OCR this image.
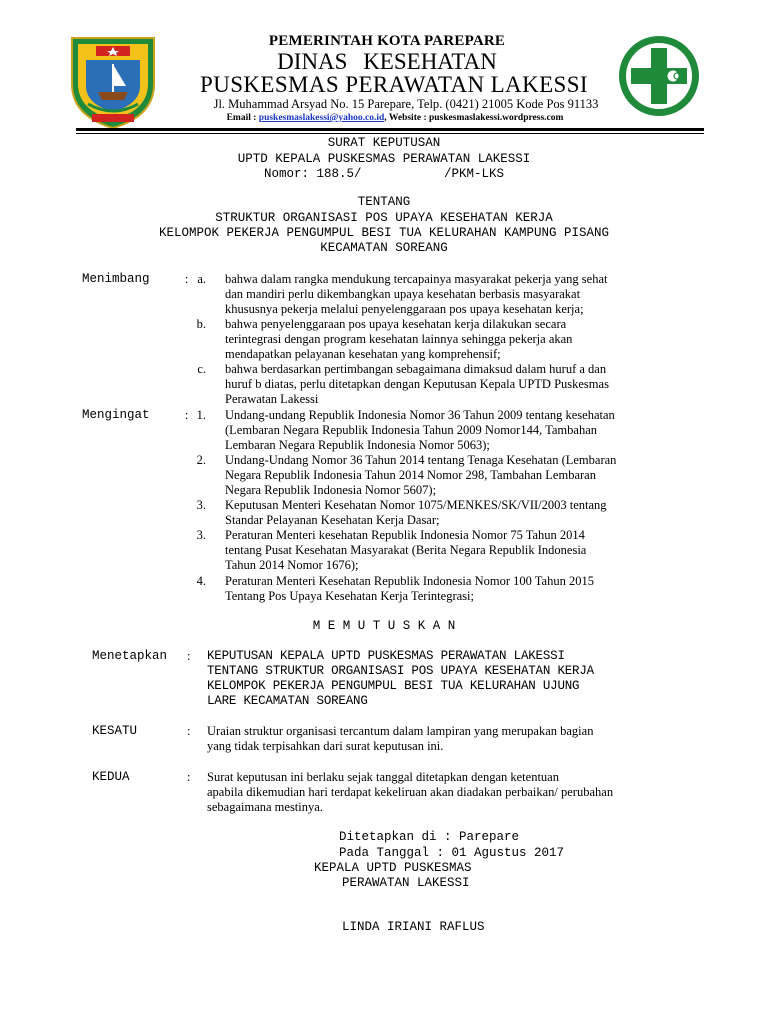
PEMERINTAH KOTA PAREPARE
DINAS KESEHATAN
PUSKESMAS PERAWATAN LAKESSI
Jl. Muhammad Arsyad No. 15 Parepare, Telp. (0421) 21005 Kode Pos 91133
Email : puskesmaslakessi@yahoo.co.id, Website : puskesmaslakessi.wordpress.com
SURAT KEPUTUSAN
UPTD KEPALA PUSKESMAS PERAWATAN LAKESSI
Nomor: 188.5/           /PKM-LKS
TENTANG
STRUKTUR ORGANISASI POS UPAYA KESEHATAN KERJA
KELOMPOK PEKERJA PENGUMPUL BESI TUA KELURAHAN KAMPUNG PISANG
KECAMATAN SOREANG
Menimbang	: a. bahwa dalam rangka mendukung tercapainya masyarakat pekerja yang sehat
dan mandiri perlu dikembangkan upaya kesehatan berbasis masyarakat
khususnya pekerja melalui penyelenggaraan pos upaya kesehatan kerja;
b. bahwa penyelenggaraan pos upaya kesehatan kerja dilakukan secara
terintegrasi dengan program kesehatan lainnya sehingga pekerja akan
mendapatkan pelayanan kesehatan yang komprehensif;
c. bahwa berdasarkan pertimbangan sebagaimana dimaksud dalam huruf a dan
huruf b diatas, perlu ditetapkan dengan Keputusan Kepala UPTD Puskesmas
Perawatan Lakessi
Mengingat	: 1. Undang-undang Republik Indonesia Nomor 36 Tahun 2009 tentang kesehatan
(Lembaran Negara Republik Indonesia Tahun 2009 Nomor144, Tambahan
Lembaran Negara Republik Indonesia Nomor 5063);
2. Undang-Undang Nomor 36 Tahun 2014 tentang Tenaga Kesehatan (Lembaran
Negara Republik Indonesia Tahun 2014 Nomor 298, Tambahan Lembaran
Negara Republik Indonesia Nomor 5607);
3. Keputusan Menteri Kesehatan Nomor 1075/MENKES/SK/VII/2003 tentang
Standar Pelayanan Kesehatan Kerja Dasar;
3. Peraturan Menteri kesehatan Republik Indonesia Nomor 75 Tahun 2014
tentang Pusat Kesehatan Masyarakat (Berita Negara Republik Indonesia
Tahun 2014 Nomor 1676);
4. Peraturan Menteri Kesehatan Republik Indonesia Nomor 100 Tahun 2015
Tentang Pos Upaya Kesehatan Kerja Terintegrasi;
M E M U T U S K A N
Menetapkan : KEPUTUSAN KEPALA UPTD PUSKESMAS PERAWATAN LAKESSI
TENTANG STRUKTUR ORGANISASI POS UPAYA KESEHATAN KERJA
KELOMPOK PEKERJA PENGUMPUL BESI TUA KELURAHAN UJUNG
LARE KECAMATAN SOREANG
KESATU	: Uraian struktur organisasi tercantum dalam lampiran yang merupakan bagian
yang tidak terpisahkan dari surat keputusan ini.
KEDUA	: Surat keputusan ini berlaku sejak tanggal ditetapkan dengan ketentuan
apabila dikemudian hari terdapat kekeliruan akan diadakan perbaikan/ perubahan
sebagaimana mestinya.
Ditetapkan di : Parepare
Pada Tanggal : 01 Agustus 2017
KEPALA UPTD PUSKESMAS
PERAWATAN LAKESSI
LINDA IRIANI RAFLUS
